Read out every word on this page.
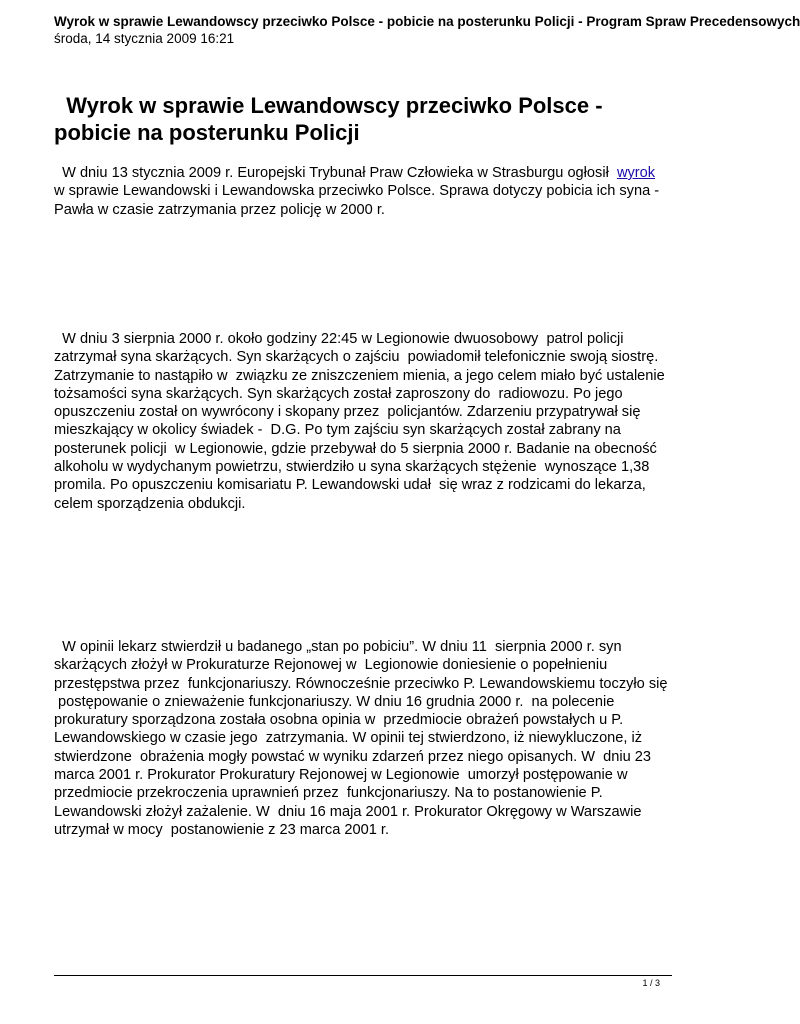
Wyrok w sprawie Lewandowscy przeciwko Polsce - pobicie na posterunku Policji - Program Spraw Precedensowych
środa, 14 stycznia 2009 16:21
Wyrok w sprawie Lewandowscy przeciwko Polsce -
pobicie na posterunku Policji
W dniu 13 stycznia 2009 r. Europejski Trybunał Praw Człowieka w Strasburgu ogłosił  wyrok
w sprawie Lewandowski i Lewandowska przeciwko Polsce. Sprawa dotyczy pobicia ich syna -
Pawła w czasie zatrzymania przez policję w 2000 r.
W dniu 3 sierpnia 2000 r. około godziny 22:45 w Legionowie dwuosobowy  patrol policji
zatrzymał syna skarżących. Syn skarżących o zajściu  powiadomił telefonicznie swoją siostrę.
Zatrzymanie to nastąpiło w  związku ze zniszczeniem mienia, a jego celem miało być ustalenie
tożsamości syna skarżących. Syn skarżących został zaproszony do  radiowozu. Po jego
opuszczeniu został on wywrócony i skopany przez  policjantów. Zdarzeniu przypatrywał się
mieszkający w okolicy świadek -  D.G. Po tym zajściu syn skarżących został zabrany na
posterunek policji  w Legionowie, gdzie przebywał do 5 sierpnia 2000 r. Badanie na obecność
alkoholu w wydychanym powietrzu, stwierdziło u syna skarżących stężenie  wynoszące 1,38
promila. Po opuszczeniu komisariatu P. Lewandowski udał  się wraz z rodzicami do lekarza,
celem sporządzenia obdukcji.
W opinii lekarz stwierdził u badanego „stan po pobiciu”. W dniu 11  sierpnia 2000 r. syn
skarżących złożył w Prokuraturze Rejonowej w  Legionowie doniesienie o popełnieniu
przestępstwa przez  funkcjonariuszy. Równocześnie przeciwko P. Lewandowskiemu toczyło się
postępowanie o znieważenie funkcjonariuszy. W dniu 16 grudnia 2000 r.  na polecenie
prokuratury sporządzona została osobna opinia w  przedmiocie obrażeń powstałych u P.
Lewandowskiego w czasie jego  zatrzymania. W opinii tej stwierdzono, iż niewykluczone, iż
stwierdzone  obrażenia mogły powstać w wyniku zdarzeń przez niego opisanych. W  dniu 23
marca 2001 r. Prokurator Prokuratury Rejonowej w Legionowie  umorzył postępowanie w
przedmiocie przekroczenia uprawnień przez  funkcjonariuszy. Na to postanowienie P.
Lewandowski złożył zażalenie. W  dniu 16 maja 2001 r. Prokurator Okręgowy w Warszawie
utrzymał w mocy  postanowienie z 23 marca 2001 r.
1 / 3
